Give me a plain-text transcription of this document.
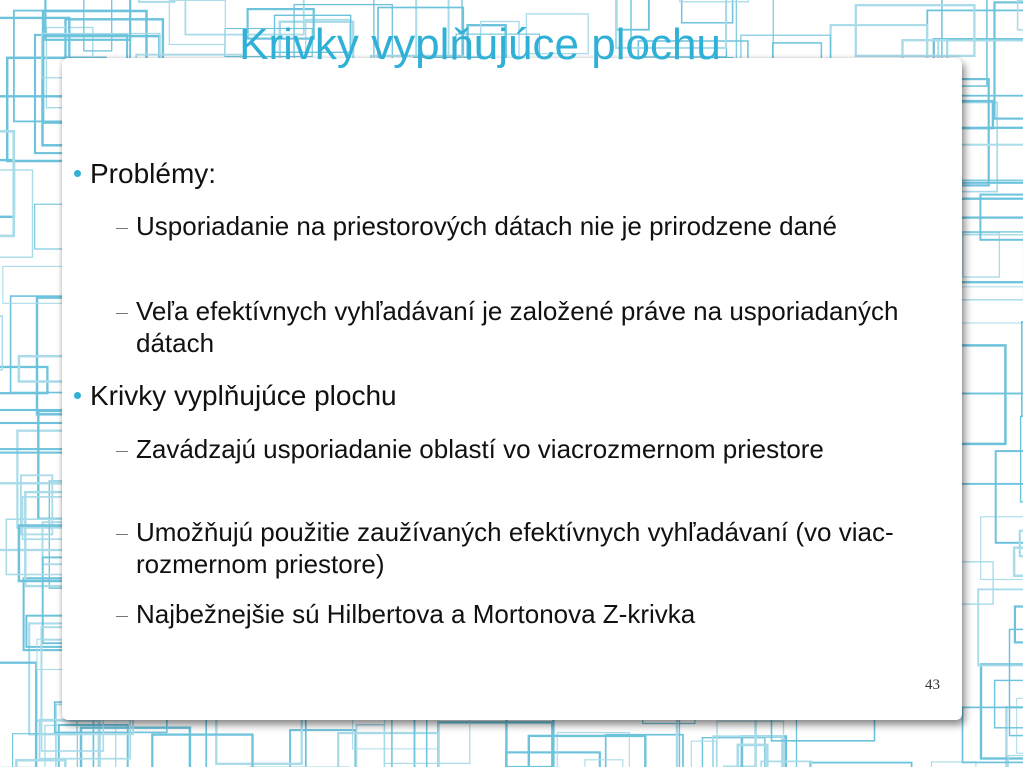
Krivky vyplňujúce plochu
Problémy:
Usporiadanie na priestorových dátach nie je prirodzene dané
Veľa efektívnych vyhľadávaní je založené práve na usporiadaných dátach
Krivky vyplňujúce plochu
Zavádzajú usporiadanie oblastí vo viacrozmernom priestore
Umožňujú použitie zaužívaných efektívnych vyhľadávaní (vo viac-rozmernom priestore)
Najbežnejšie sú Hilbertova a Mortonova Z-krivka
43
